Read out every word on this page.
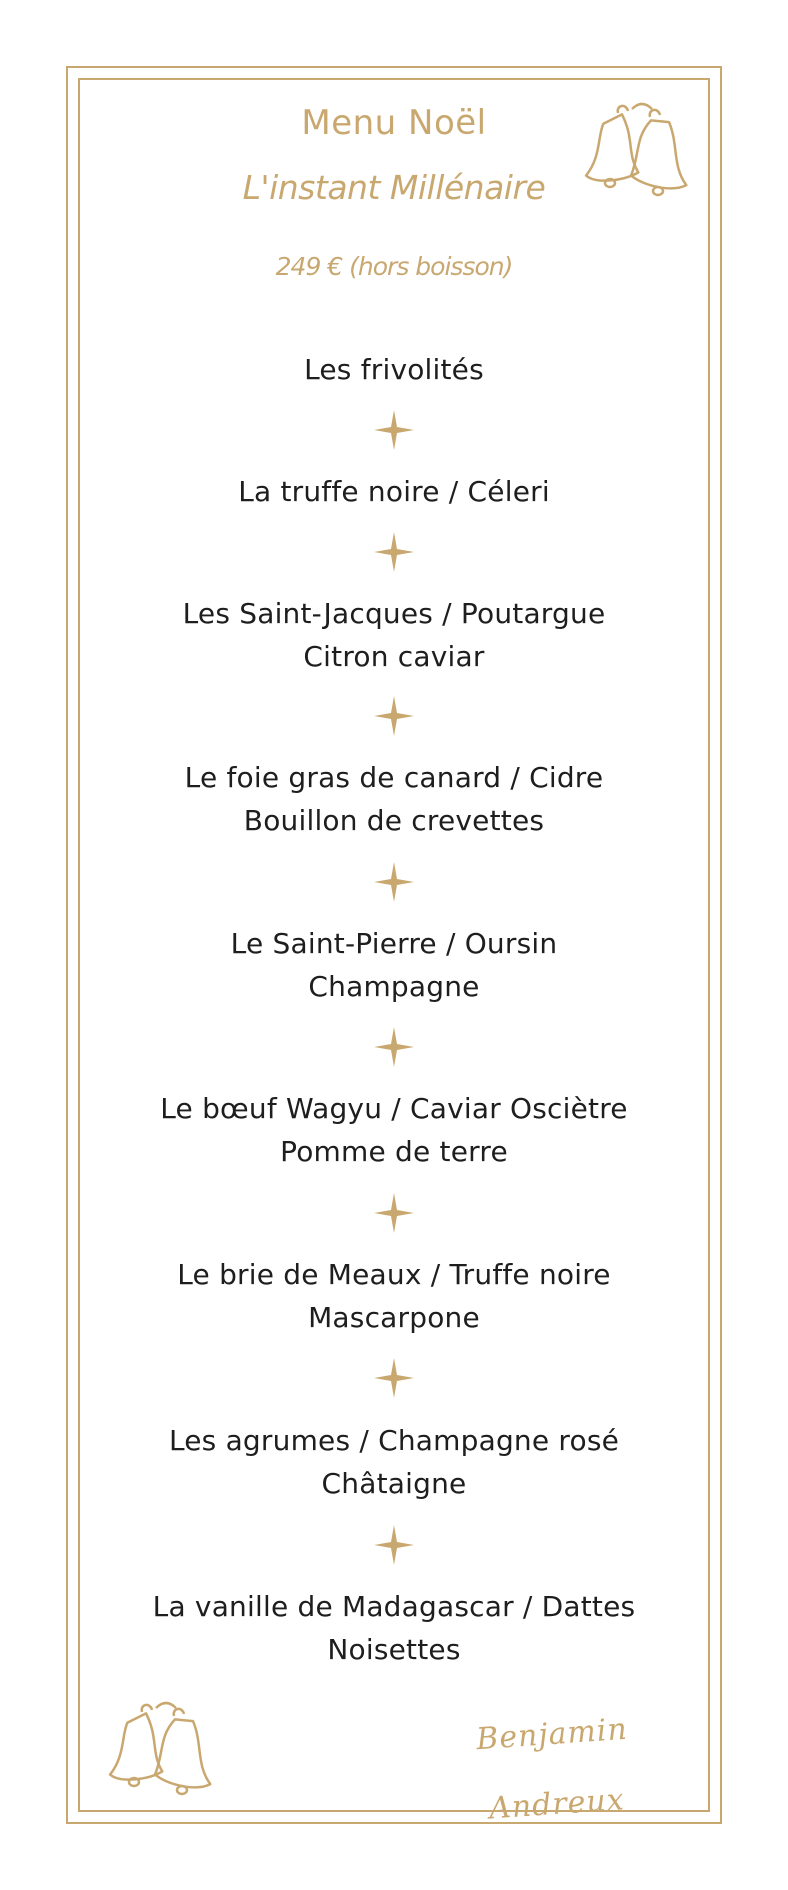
Menu Noël
L'instant Millénaire
249 € (hors boisson)
Les frivolités
La truffe noire / Céleri
Les Saint-Jacques / Poutargue
Citron caviar
Le foie gras de canard / Cidre
Bouillon de crevettes
Le Saint-Pierre / Oursin
Champagne
Le bœuf Wagyu / Caviar Osciètre
Pomme de terre
Le brie de Meaux / Truffe noire
Mascarpone
Les agrumes / Champagne rosé
Châtaigne
La vanille de Madagascar / Dattes
Noisettes
Benjamin Andreux
